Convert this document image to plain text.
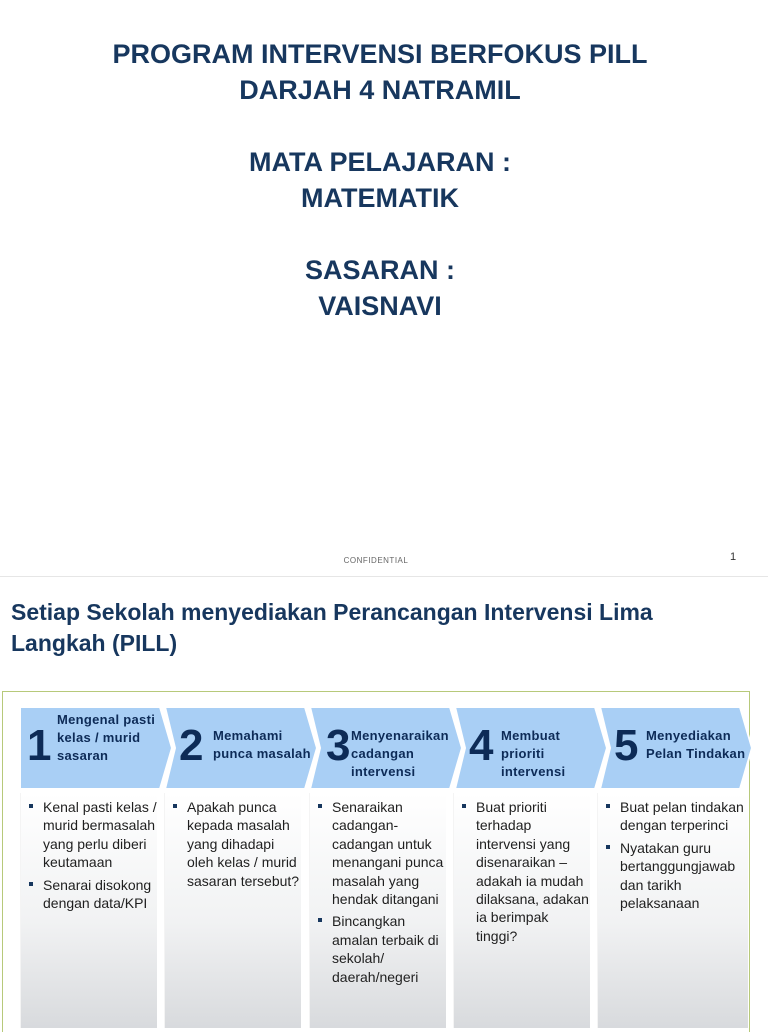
PROGRAM INTERVENSI BERFOKUS PILL
DARJAH 4 NATRAMIL
MATA PELAJARAN :
MATEMATIK
SASARAN :
VAISNAVI
CONFIDENTIAL	1
Setiap Sekolah menyediakan Perancangan Intervensi Lima Langkah (PILL)
1
Mengenal pasti kelas / murid sasaran	2 Memahami punca masalah 3 Menyenaraikan cadangan intervensi
4 Membuat prioriti intervensi
5 Menyediakan Pelan Tindakan
Kenal pasti kelas / murid bermasalah yang perlu diberi keutamaan
Senarai disokong dengan data/KPI
Apakah punca kepada masalah yang dihadapi oleh kelas / murid sasaran tersebut?
Senaraikan cadangan-cadangan untuk menangani punca masalah yang hendak ditangani
Bincangkan amalan terbaik di sekolah/ daerah/negeri
Buat prioriti terhadap intervensi yang disenaraikan – adakah ia mudah dilaksana, adakan ia berimpak tinggi?
Buat pelan tindakan dengan terperinci
Nyatakan guru bertanggungjawab dan tarikh pelaksanaan
